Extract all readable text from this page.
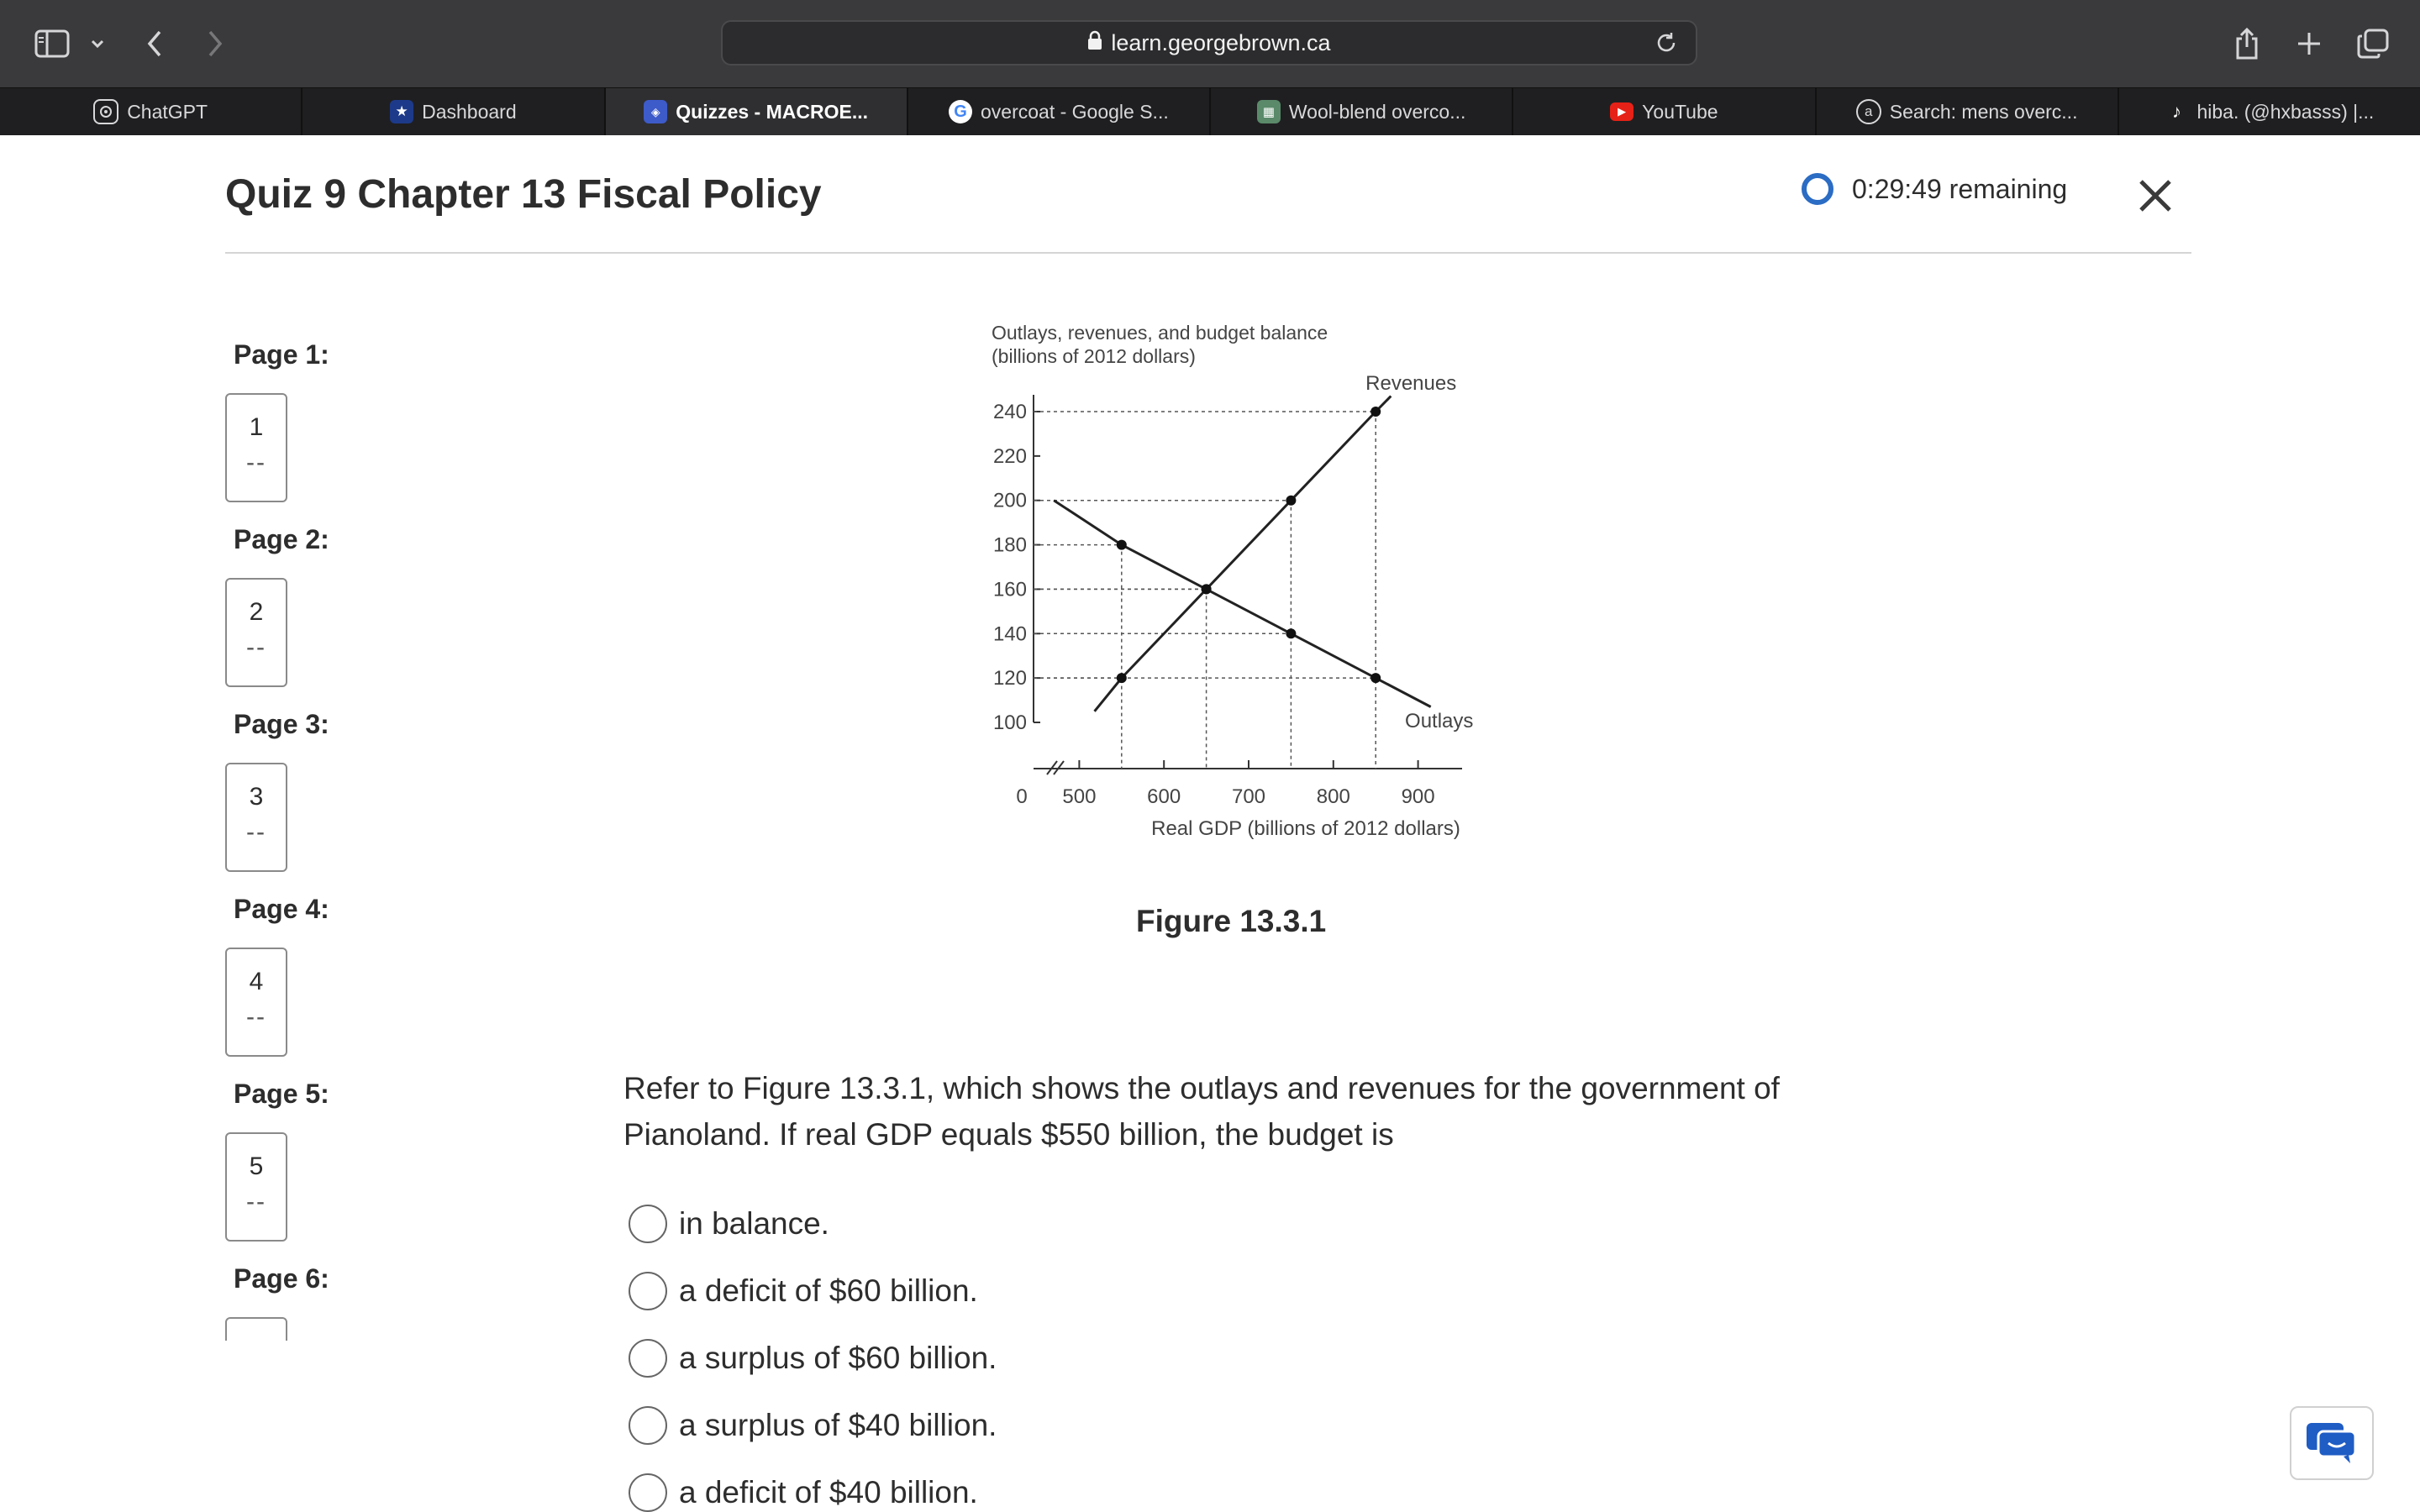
learn.georgebrown.ca
ChatGPT	★ Dashboard	◈ Quizzes - MACROE...	G overcoat - Google S...	▦ Wool-blend overco...	▶ YouTube	a Search: mens overc...	♪ hiba. (@hxbasss) |...
Quiz 9 Chapter 13 Fiscal Policy	0:29:49 remaining
Page 1:
1
--
Page 2:
2
--
Page 3:
3
--
Page 4:
4
--
Page 5:
5
--
Page 6:
Outlays, revenues, and budget balance
(billions of 2012 dollars)
0
100
120
140
160
180
200
220
240
500	600	700	800	900
Real GDP (billions of 2012 dollars)
Revenues
Outlays
Figure 13.3.1
Refer to Figure 13.3.1, which shows the outlays and revenues for the government of Pianoland. If real GDP equals $550 billion, the budget is
in balance.
a deficit of $60 billion.
a surplus of $60 billion.
a surplus of $40 billion.
a deficit of $40 billion.
